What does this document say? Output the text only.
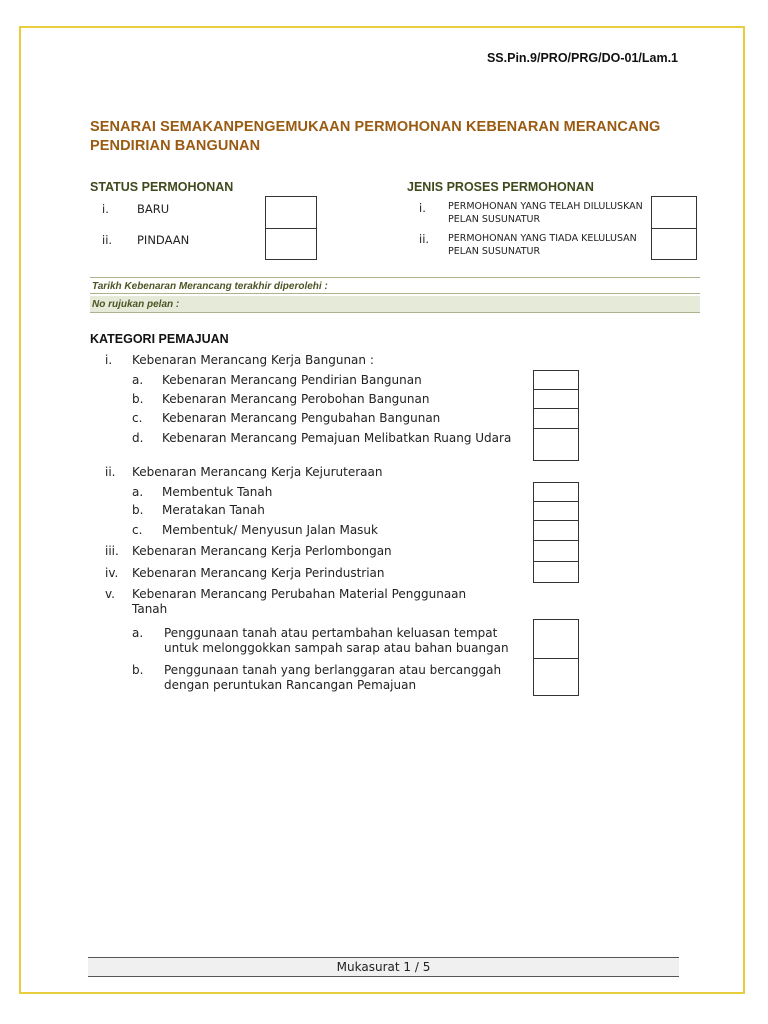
SS.Pin.9/PRO/PRG/DO-01/Lam.1
SENARAI SEMAKANPENGEMUKAAN PERMOHONAN KEBENARAN MERANCANG PENDIRIAN BANGUNAN
STATUS PERMOHONAN
i. BARU
ii. PINDAAN
JENIS PROSES PERMOHONAN
i. PERMOHONAN YANG TELAH DILULUSKAN PELAN SUSUNATUR
ii. PERMOHONAN YANG TIADA KELULUSAN PELAN SUSUNATUR
Tarikh Kebenaran Merancang terakhir diperolehi :
No rujukan pelan :
KATEGORI PEMAJUAN
i. Kebenaran Merancang Kerja Bangunan :
a. Kebenaran Merancang Pendirian Bangunan
b. Kebenaran Merancang Perobohan Bangunan
c. Kebenaran Merancang Pengubahan Bangunan
d. Kebenaran Merancang Pemajuan Melibatkan Ruang Udara
ii. Kebenaran Merancang Kerja Kejuruteraan
a. Membentuk Tanah
b. Meratakan Tanah
c. Membentuk/ Menyusun Jalan Masuk
iii. Kebenaran Merancang Kerja Perlombongan
iv. Kebenaran Merancang Kerja Perindustrian
v. Kebenaran Merancang Perubahan Material Penggunaan Tanah
a. Penggunaan tanah atau pertambahan keluasan tempat untuk melonggokkan sampah sarap atau bahan buangan
b. Penggunaan tanah yang berlanggaran atau bercanggah dengan peruntukan Rancangan Pemajuan
Mukasurat 1 / 5
